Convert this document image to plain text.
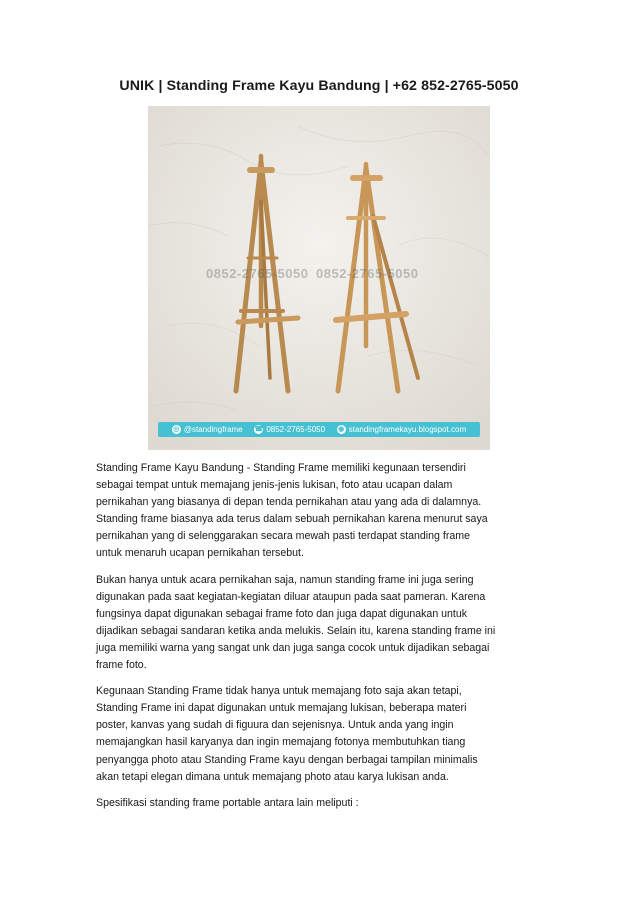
UNIK | Standing Frame Kayu Bandung | +62 852-2765-5050
0852-2765-5050 0852-2765-5050
◎ @standingframe ☎ 0852-2765-5050 ◉ standingframekayu.blogspot.com

Standing Frame Kayu Bandung - Standing Frame memiliki kegunaan tersendiri
sebagai tempat untuk memajang jenis-jenis lukisan, foto atau ucapan dalam
pernikahan yang biasanya di depan tenda pernikahan atau yang ada di dalamnya.
Standing frame biasanya ada terus dalam sebuah pernikahan karena menurut saya
pernikahan yang di selenggarakan secara mewah pasti terdapat standing frame
untuk menaruh ucapan pernikahan tersebut.

Bukan hanya untuk acara pernikahan saja, namun standing frame ini juga sering
digunakan pada saat kegiatan-kegiatan diluar ataupun pada saat pameran. Karena
fungsinya dapat digunakan sebagai frame foto dan juga dapat digunakan untuk
dijadikan sebagai sandaran ketika anda melukis. Selain itu, karena standing frame ini
juga memiliki warna yang sangat unk dan juga sanga cocok untuk dijadikan sebagai
frame foto.

Kegunaan Standing Frame tidak hanya untuk memajang foto saja akan tetapi,
Standing Frame ini dapat digunakan untuk memajang lukisan, beberapa materi
poster, kanvas yang sudah di figuura dan sejenisnya. Untuk anda yang ingin
memajangkan hasil karyanya dan ingin memajang fotonya membutuhkan tiang
penyangga photo atau Standing Frame kayu dengan berbagai tampilan minimalis
akan tetapi elegan dimana untuk memajang photo atau karya lukisan anda.

Spesifikasi standing frame portable antara lain meliputi :
